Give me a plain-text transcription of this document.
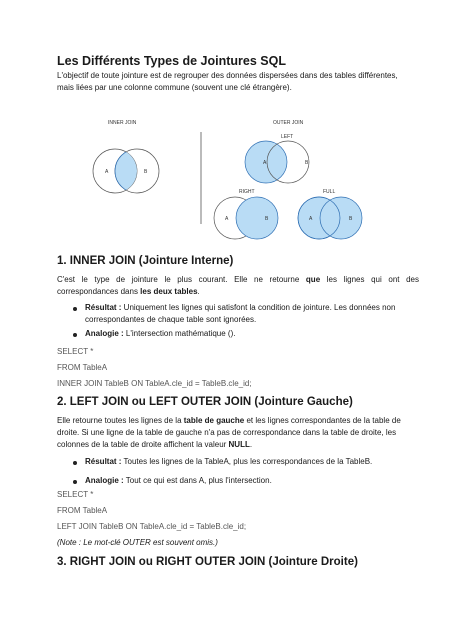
Les Différents Types de Jointures SQL
L'objectif de toute jointure est de regrouper des données dispersées dans des tables différentes,
mais liées par une colonne commune (souvent une clé étrangère).
INNER JOIN	OUTER JOIN
A	B
LEFT
A	B
RIGHT
A	B
FULL
A	B
1. INNER JOIN (Jointure Interne)
C'est le type de jointure le plus courant. Elle ne retourne que les lignes qui ont des
correspondances dans les deux tables.
Résultat : Uniquement les lignes qui satisfont la condition de jointure. Les données non
correspondantes de chaque table sont ignorées.
Analogie : L'intersection mathématique ().
SELECT *
FROM TableA
INNER JOIN TableB ON TableA.cle_id = TableB.cle_id;
2. LEFT JOIN ou LEFT OUTER JOIN (Jointure Gauche)
Elle retourne toutes les lignes de la table de gauche et les lignes correspondantes de la table de
droite. Si une ligne de la table de gauche n'a pas de correspondance dans la table de droite, les
colonnes de la table de droite affichent la valeur NULL.
Résultat : Toutes les lignes de la TableA, plus les correspondances de la TableB.
Analogie : Tout ce qui est dans A, plus l'intersection.
SELECT *
FROM TableA
LEFT JOIN TableB ON TableA.cle_id = TableB.cle_id;
(Note : Le mot-clé OUTER est souvent omis.)
3. RIGHT JOIN ou RIGHT OUTER JOIN (Jointure Droite)
